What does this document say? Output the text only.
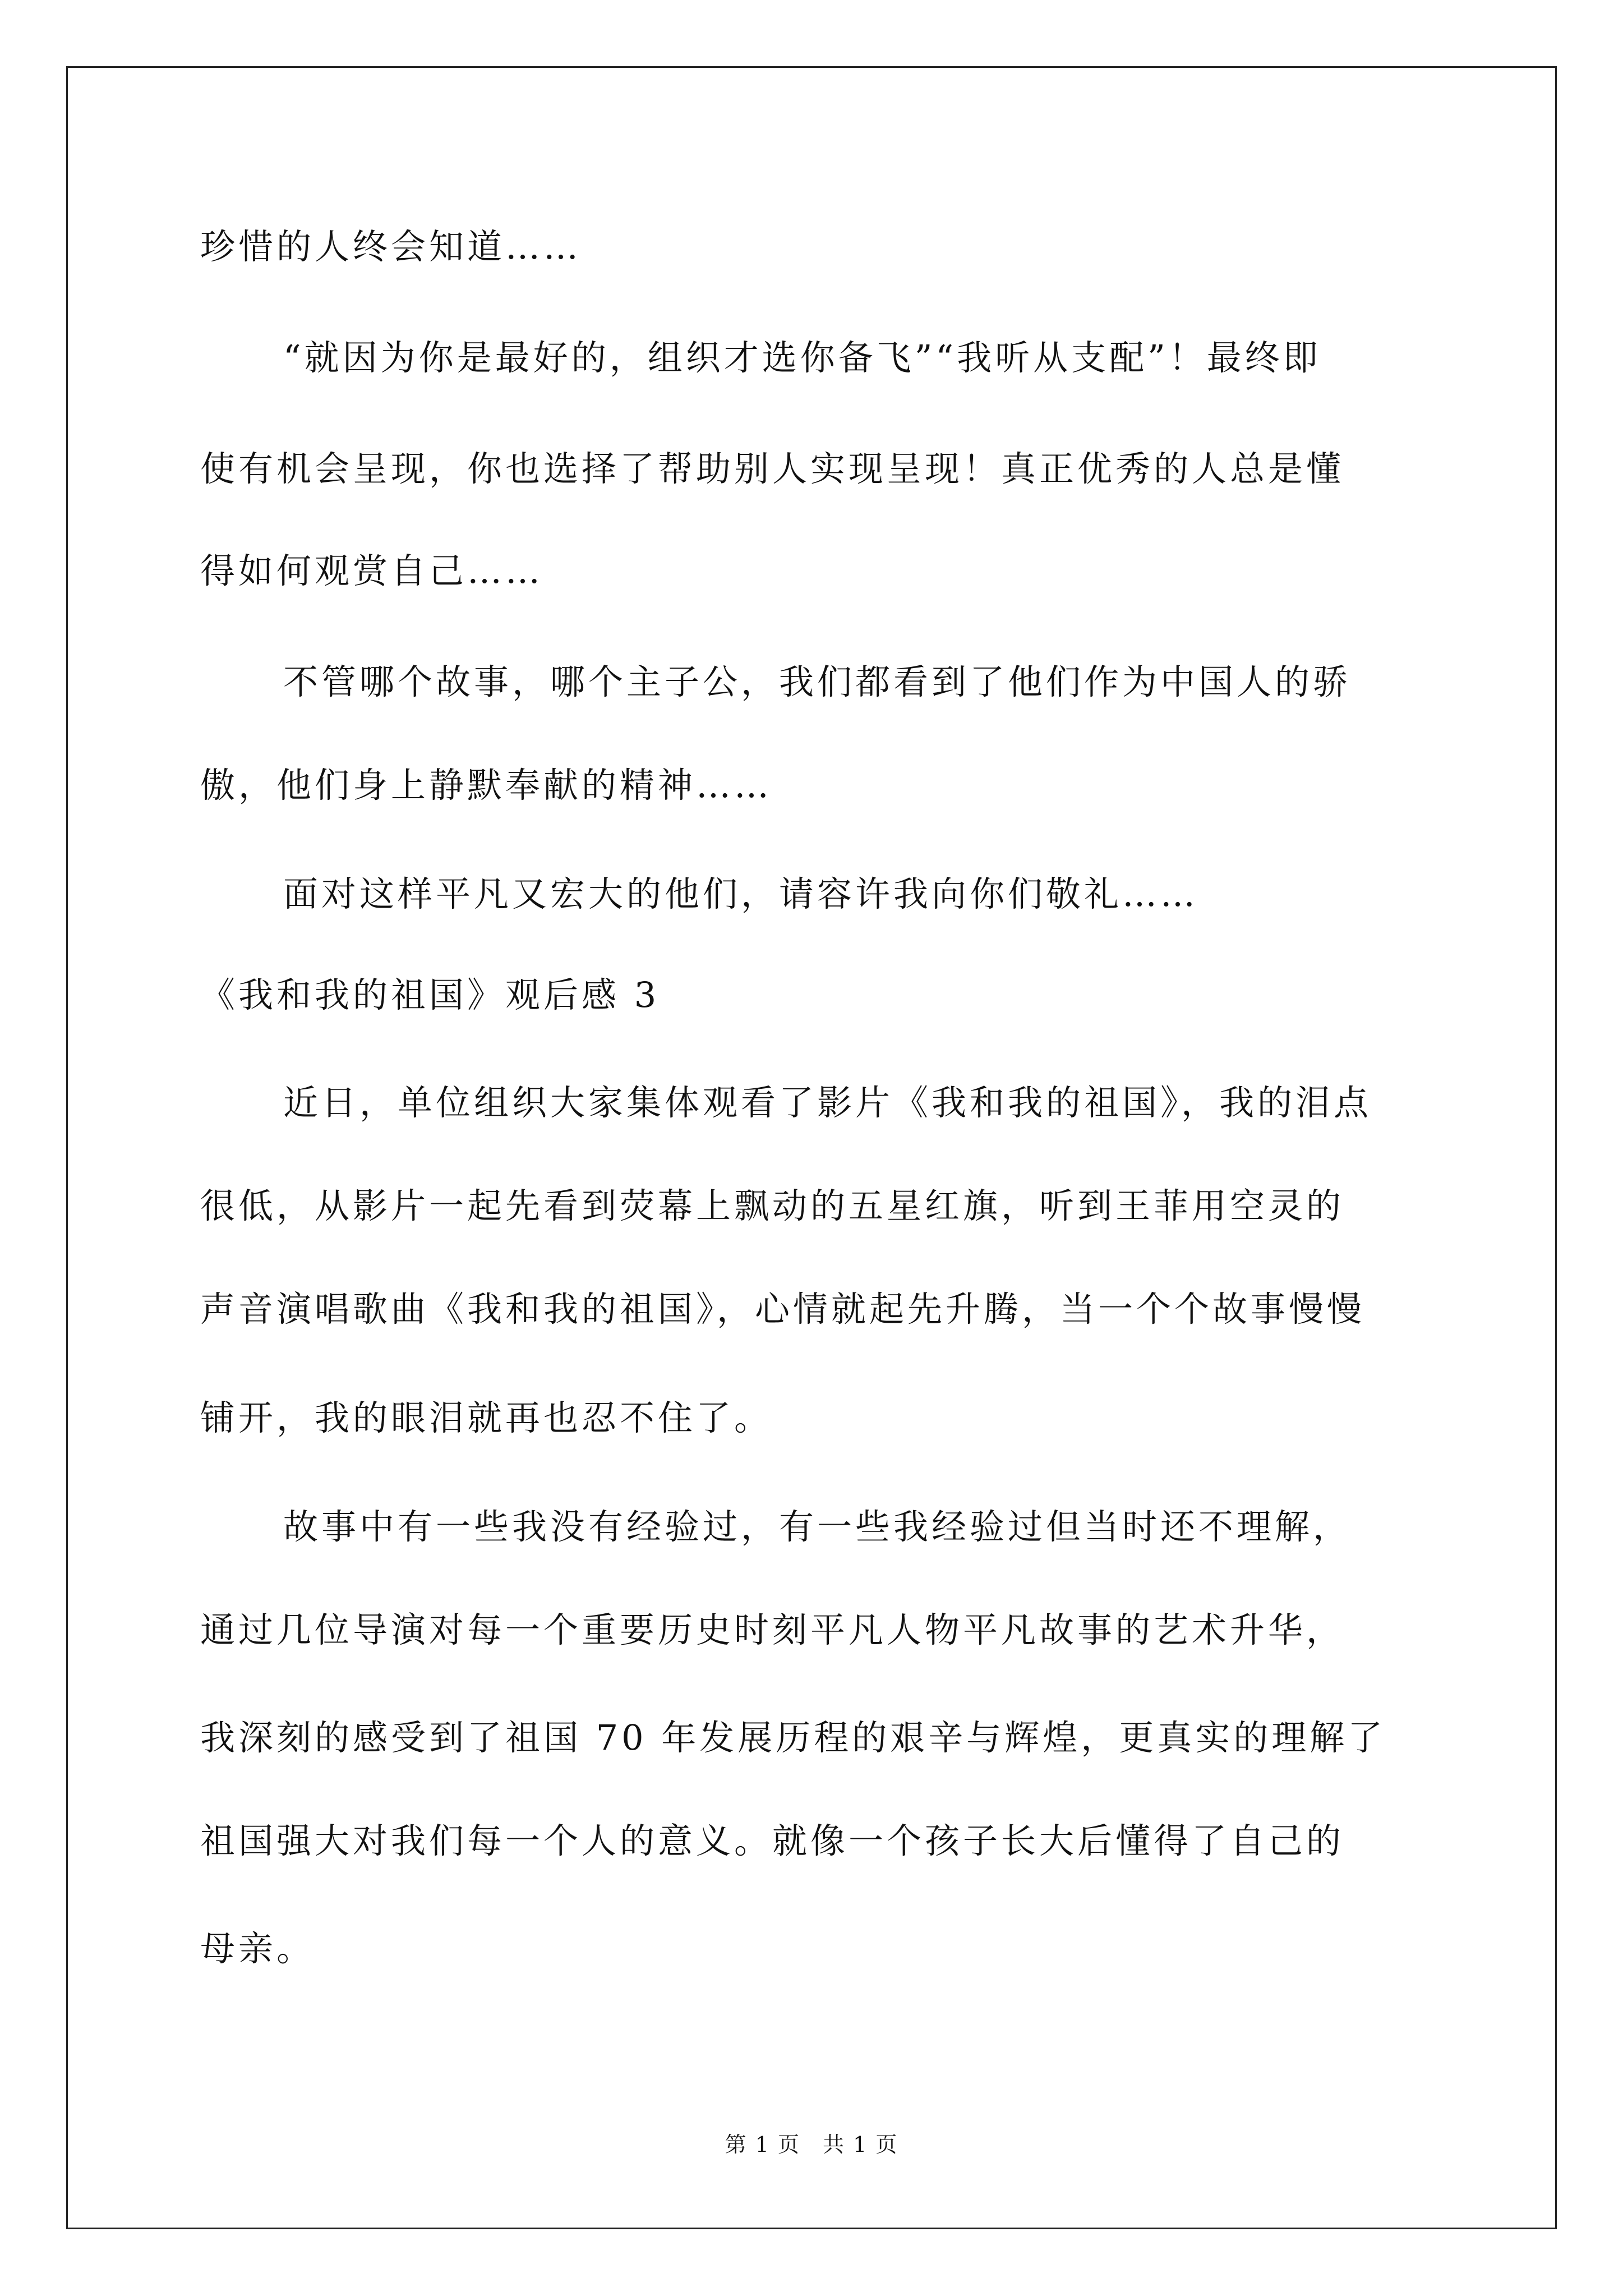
珍惜的人终会知道……
“就因为你是最好的，组织才选你备飞”“我听从支配”！最终即
使有机会呈现，你也选择了帮助别人实现呈现！真正优秀的人总是懂
得如何观赏自己……
不管哪个故事，哪个主子公，我们都看到了他们作为中国人的骄
傲，他们身上静默奉献的精神……
面对这样平凡又宏大的他们，请容许我向你们敬礼……
《我和我的祖国》观后感 3
近日，单位组织大家集体观看了影片《我和我的祖国》，我的泪点
很低，从影片一起先看到荧幕上飘动的五星红旗，听到王菲用空灵的
声音演唱歌曲《我和我的祖国》，心情就起先升腾，当一个个故事慢慢
铺开，我的眼泪就再也忍不住了。
故事中有一些我没有经验过，有一些我经验过但当时还不理解，
通过几位导演对每一个重要历史时刻平凡人物平凡故事的艺术升华，
我深刻的感受到了祖国 70 年发展历程的艰辛与辉煌，更真实的理解了
祖国强大对我们每一个人的意义。就像一个孩子长大后懂得了自己的
母亲。
第 1 页　共 1 页
